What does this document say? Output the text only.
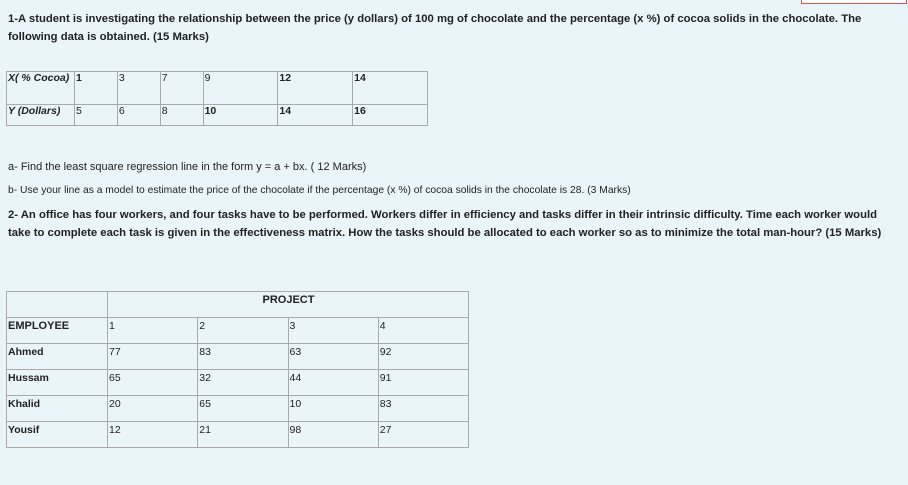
1-A student is investigating the relationship between the price (y dollars) of 100 mg of chocolate and the percentage (x %) of cocoa solids in the chocolate. The following data is obtained. (15 Marks)
X( % Cocoa)	1	3	7	9	12	14
Y (Dollars)	5	6	8	10	14	16
a- Find the least square regression line in the form y = a + bx. ( 12 Marks)
b- Use your line as a model to estimate the price of the chocolate if the percentage (x %) of cocoa solids in the chocolate is 28. (3 Marks)
2- An office has four workers, and four tasks have to be performed. Workers differ in efficiency and tasks differ in their intrinsic difficulty. Time each worker would take to complete each task is given in the effectiveness matrix. How the tasks should be allocated to each worker so as to minimize the total man-hour? (15 Marks)
	PROJECT			
EMPLOYEE	1	2	3	4
Ahmed	77	83	63	92
Hussam	65	32	44	91
Khalid	20	65	10	83
Yousif	12	21	98	27
